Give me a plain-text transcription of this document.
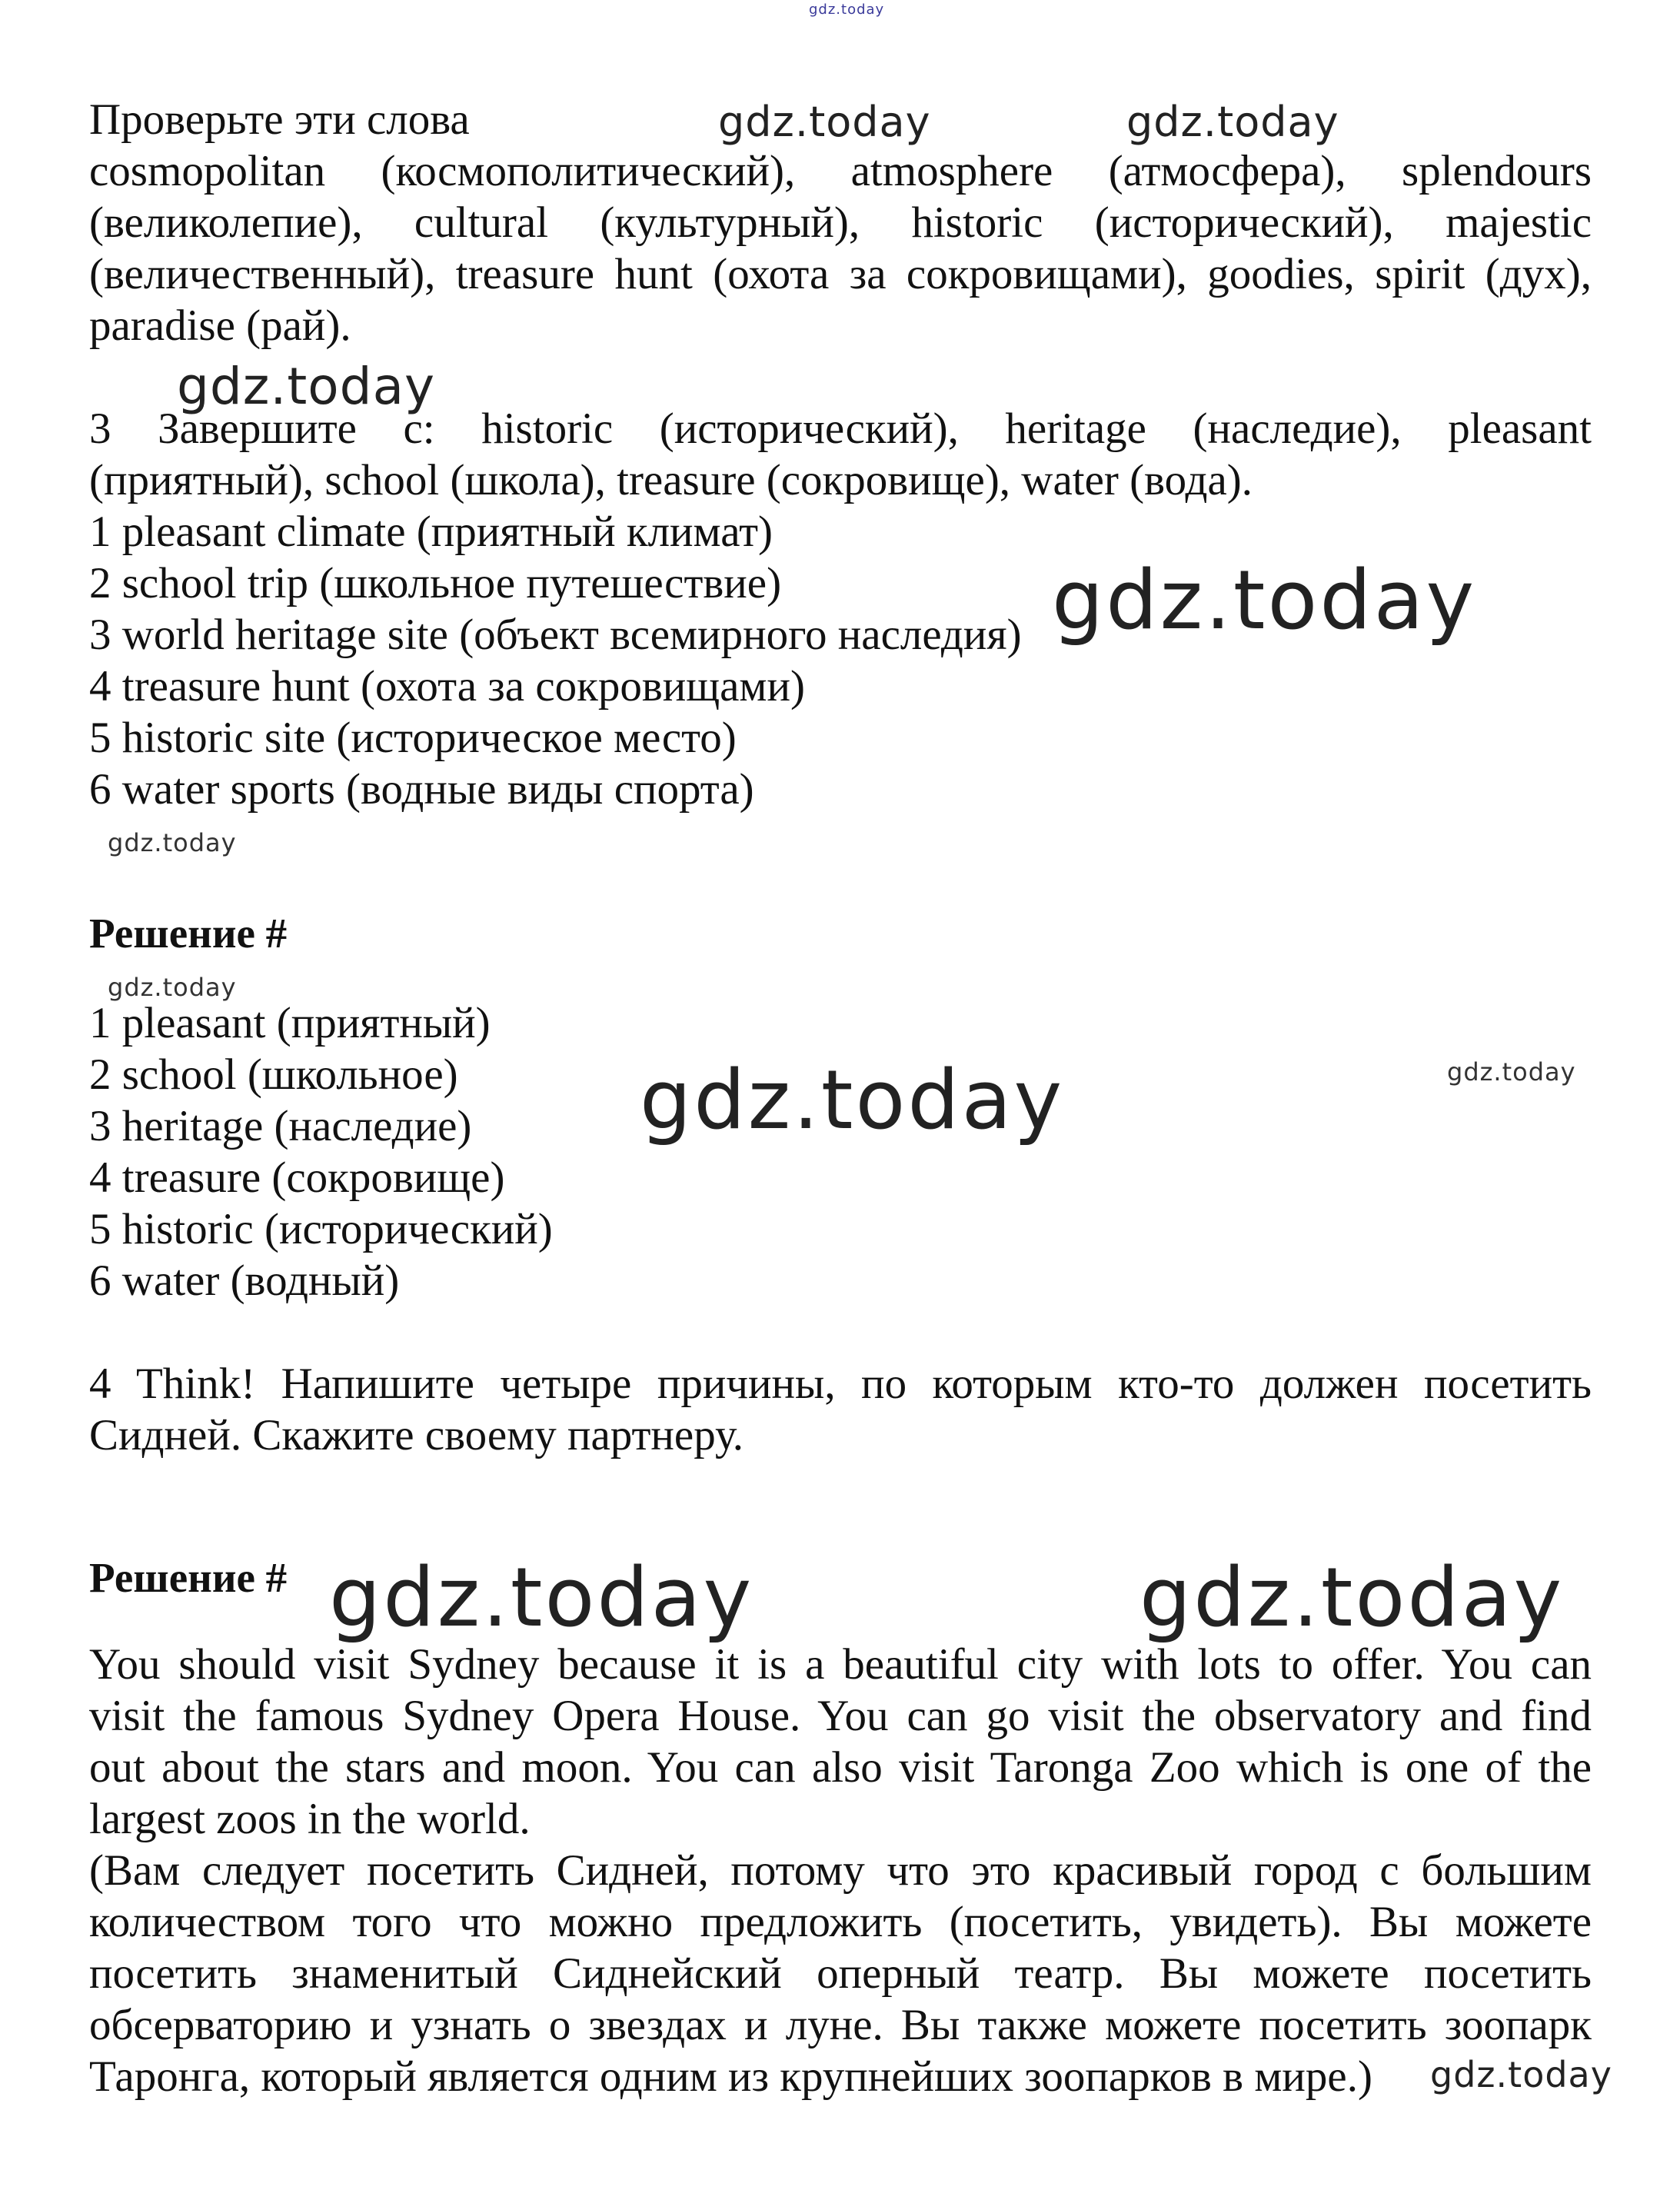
gdz.today
Проверьте эти слова	gdz.today	gdz.today
cosmopolitan (космополитический), atmosphere (атмосфера), splendours
(великолепие), cultural (культурный), historic (исторический), majestic
(величественный), treasure hunt (охота за сокровищами), goodies, spirit (дух),
paradise (рай).
gdz.today
3 Завершите с: historic (исторический), heritage (наследие), pleasant
(приятный), school (школа), treasure (сокровище), water (вода).
1 pleasant climate (приятный климат)
2 school trip (школьное путешествие)
3 world heritage site (объект всемирного наследия)
4 treasure hunt (охота за сокровищами)
5 historic site (историческое место)
6 water sports (водные виды спорта)
gdz.today
gdz.today
Решение #
gdz.today
1 pleasant (приятный)
2 school (школьное)
3 heritage (наследие)
4 treasure (сокровище)
5 historic (исторический)
6 water (водный)
gdz.today	gdz.today
4 Think! Напишите четыре причины, по которым кто-то должен посетить
Сидней. Скажите своему партнеру.
Решение # gdz.today	gdz.today
You should visit Sydney because it is a beautiful city with lots to offer. You can
visit the famous Sydney Opera House. You can go visit the observatory and find
out about the stars and moon. You can also visit Taronga Zoo which is one of the
largest zoos in the world.
(Вам следует посетить Сидней, потому что это красивый город с большим
количеством того что можно предложить (посетить, увидеть). Вы можете
посетить знаменитый Сиднейский оперный театр. Вы можете посетить
обсерваторию и узнать о звездах и луне. Вы также можете посетить зоопарк
Таронга, который является одним из крупнейших зоопарков в мире.) gdz.today
